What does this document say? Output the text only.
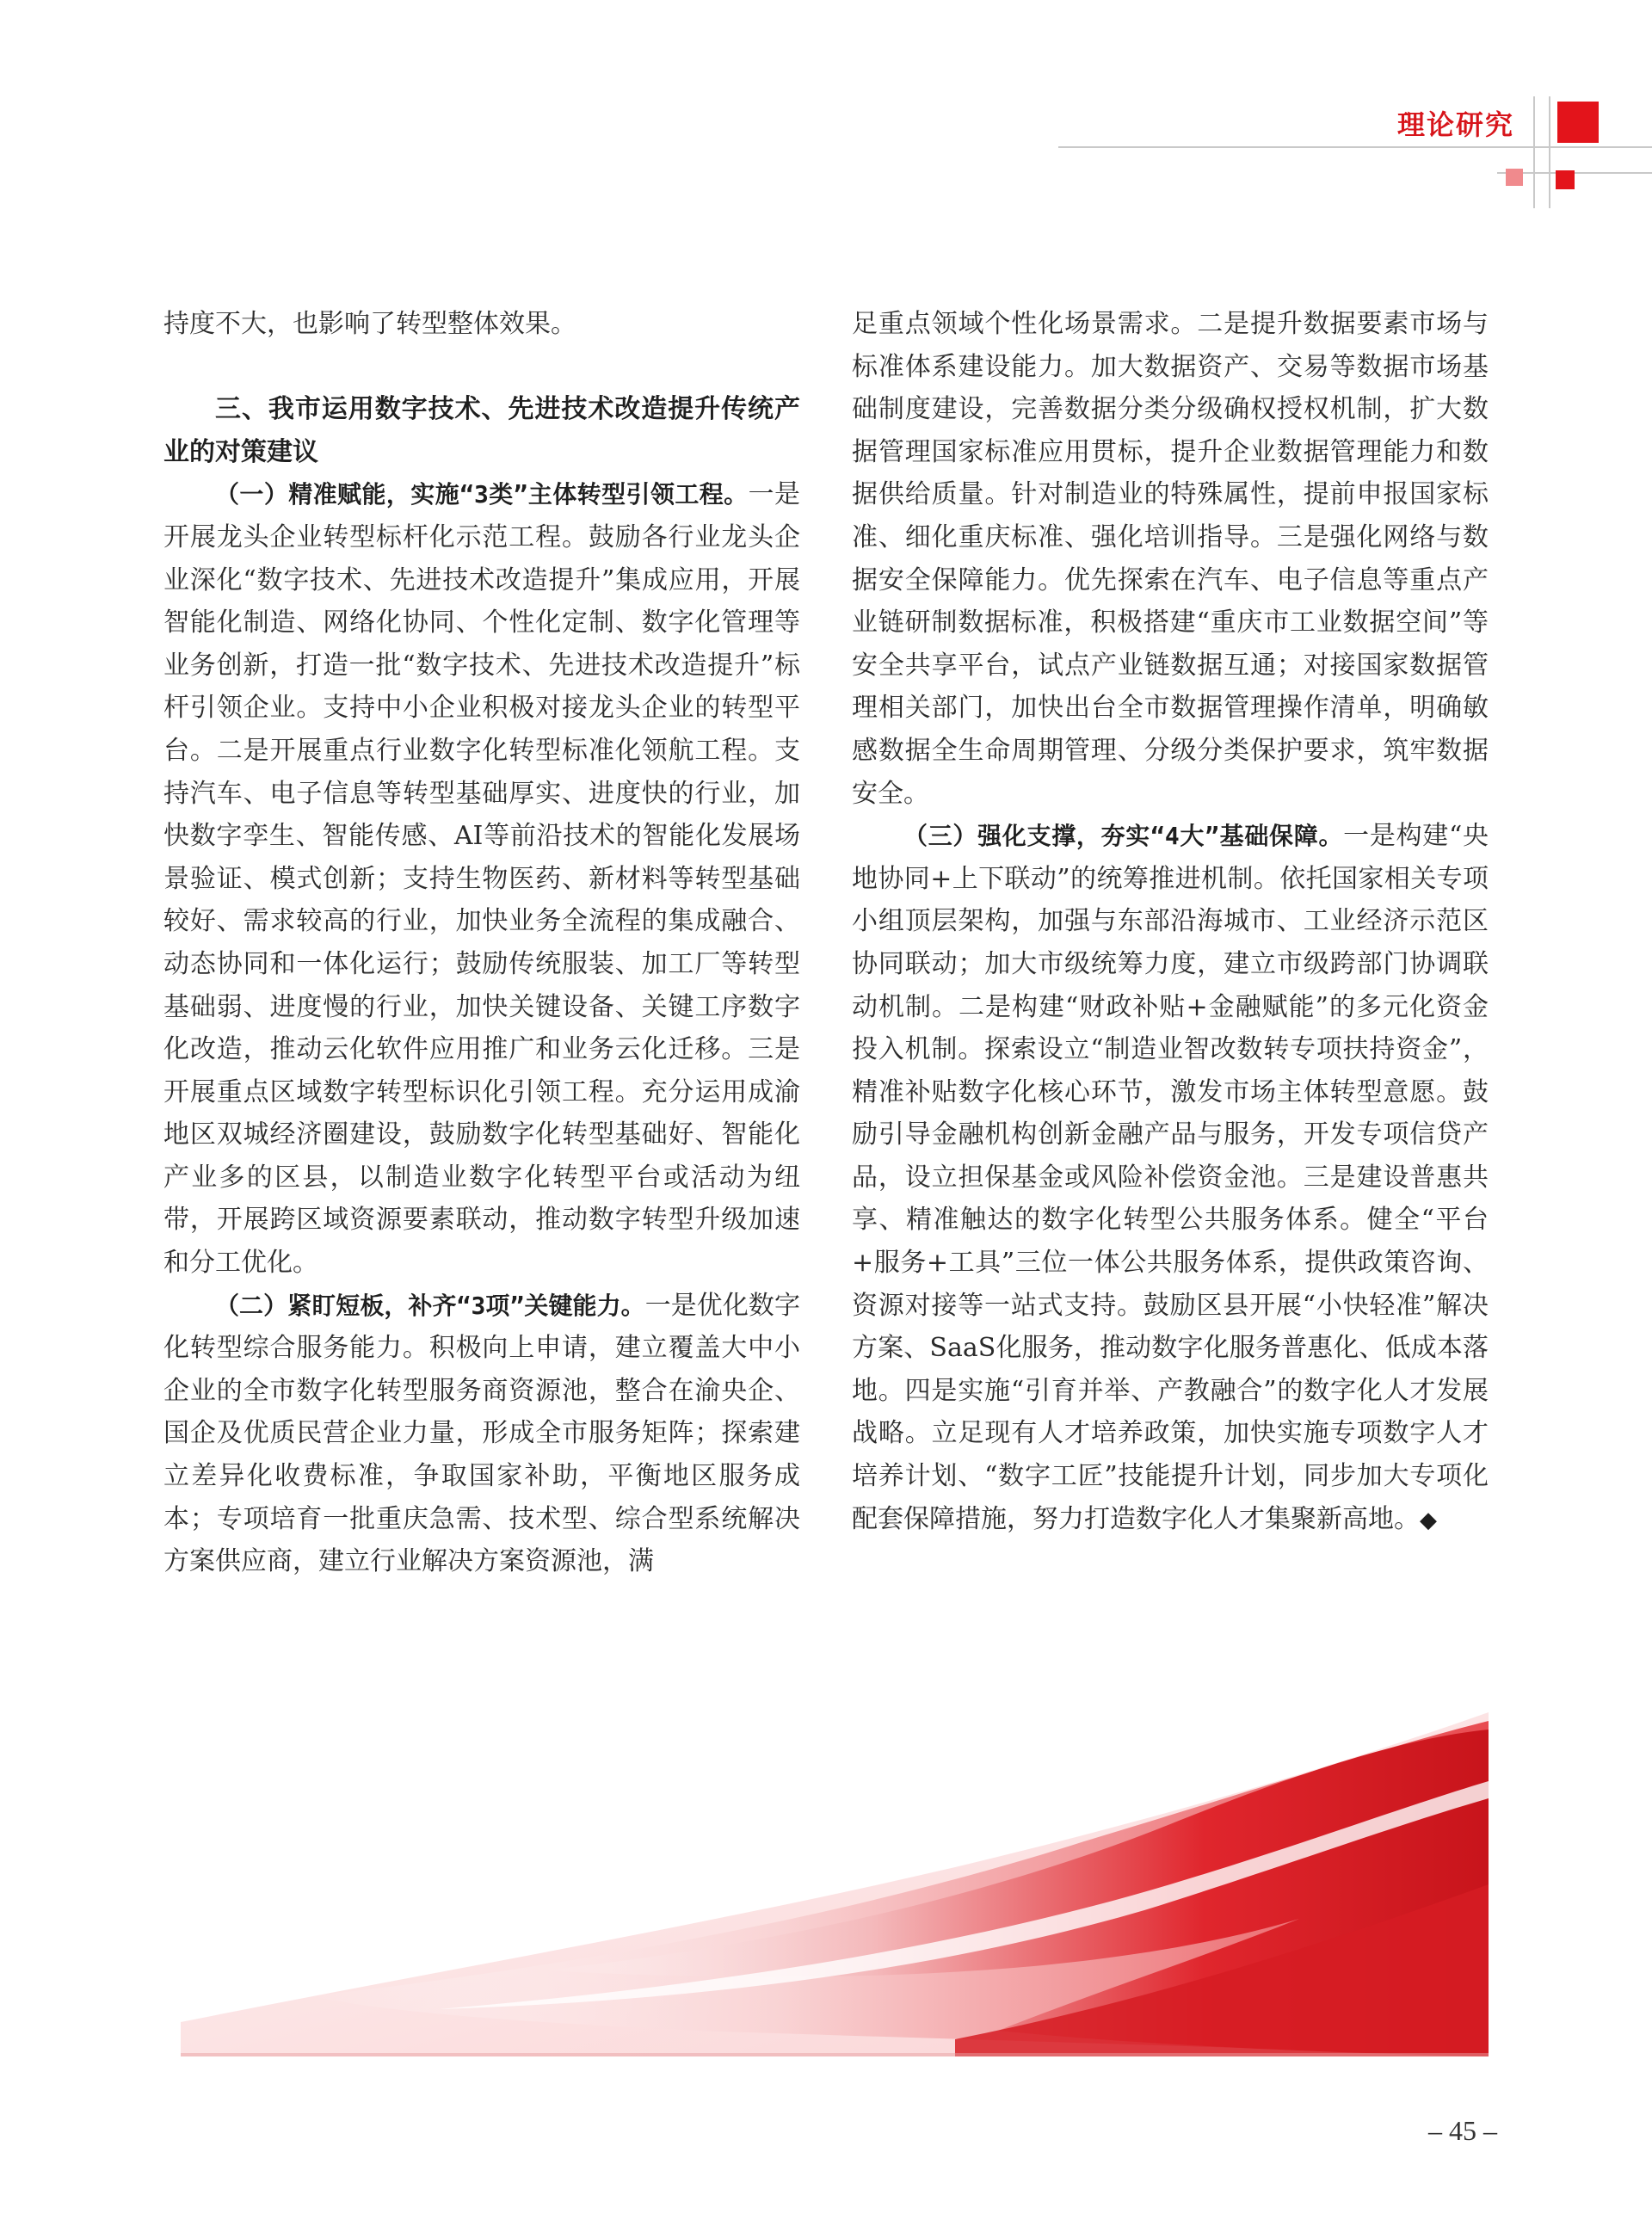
理论研究

持度不大，也影响了转型整体效果。

三、我市运用数字技术、先进技术改造提升传统产业的对策建议

（一）精准赋能，实施“3类”主体转型引领工程。一是开展龙头企业转型标杆化示范工程。鼓励各行业龙头企业深化“数字技术、先进技术改造提升”集成应用，开展智能化制造、网络化协同、个性化定制、数字化管理等业务创新，打造一批“数字技术、先进技术改造提升”标杆引领企业。支持中小企业积极对接龙头企业的转型平台。二是开展重点行业数字化转型标准化领航工程。支持汽车、电子信息等转型基础厚实、进度快的行业，加快数字孪生、智能传感、AI等前沿技术的智能化发展场景验证、模式创新；支持生物医药、新材料等转型基础较好、需求较高的行业，加快业务全流程的集成融合、动态协同和一体化运行；鼓励传统服装、加工厂等转型基础弱、进度慢的行业，加快关键设备、关键工序数字化改造，推动云化软件应用推广和业务云化迁移。三是开展重点区域数字转型标识化引领工程。充分运用成渝地区双城经济圈建设，鼓励数字化转型基础好、智能化产业多的区县，以制造业数字化转型平台或活动为纽带，开展跨区域资源要素联动，推动数字转型升级加速和分工优化。

（二）紧盯短板，补齐“3项”关键能力。一是优化数字化转型综合服务能力。积极向上申请，建立覆盖大中小企业的全市数字化转型服务商资源池，整合在渝央企、国企及优质民营企业力量，形成全市服务矩阵；探索建立差异化收费标准，争取国家补助，平衡地区服务成本；专项培育一批重庆急需、技术型、综合型系统解决方案供应商，建立行业解决方案资源池，满

足重点领域个性化场景需求。二是提升数据要素市场与标准体系建设能力。加大数据资产、交易等数据市场基础制度建设，完善数据分类分级确权授权机制，扩大数据管理国家标准应用贯标，提升企业数据管理能力和数据供给质量。针对制造业的特殊属性，提前申报国家标准、细化重庆标准、强化培训指导。三是强化网络与数据安全保障能力。优先探索在汽车、电子信息等重点产业链研制数据标准，积极搭建“重庆市工业数据空间”等安全共享平台，试点产业链数据互通；对接国家数据管理相关部门，加快出台全市数据管理操作清单，明确敏感数据全生命周期管理、分级分类保护要求，筑牢数据安全。

（三）强化支撑，夯实“4大”基础保障。一是构建“央地协同+上下联动”的统筹推进机制。依托国家相关专项小组顶层架构，加强与东部沿海城市、工业经济示范区协同联动；加大市级统筹力度，建立市级跨部门协调联动机制。二是构建“财政补贴+金融赋能”的多元化资金投入机制。探索设立“制造业智改数转专项扶持资金”，精准补贴数字化核心环节，激发市场主体转型意愿。鼓励引导金融机构创新金融产品与服务，开发专项信贷产品，设立担保基金或风险补偿资金池。三是建设普惠共享、精准触达的数字化转型公共服务体系。健全“平台+服务+工具”三位一体公共服务体系，提供政策咨询、资源对接等一站式支持。鼓励区县开展“小快轻准”解决方案、SaaS化服务，推动数字化服务普惠化、低成本落地。四是实施“引育并举、产教融合”的数字化人才发展战略。立足现有人才培养政策，加快实施专项数字人才培养计划、“数字工匠”技能提升计划，同步加大专项化配套保障措施，努力打造数字化人才集聚新高地。◆

– 45 –
